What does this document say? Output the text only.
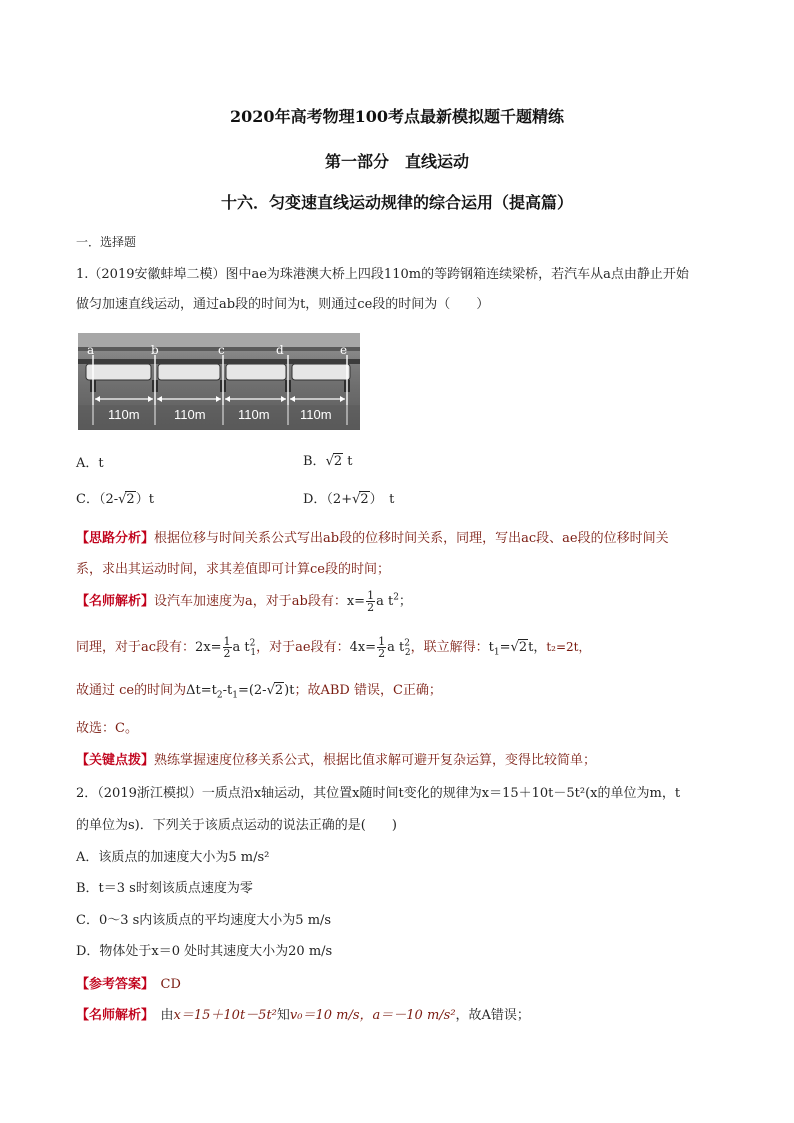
2020年高考物理100考点最新模拟题千题精练
第一部分　直线运动
十六．匀变速直线运动规律的综合运用（提高篇）
一．选择题
1.（2019安徽蚌埠二模）图中ae为珠港澳大桥上四段110m的等跨钢箱连续梁桥，若汽车从a点由静止开始
做匀加速直线运动，通过ab段的时间为t，则通过ce段的时间为（　　）
a	b	c	d	e
110m	110m 110m 110m
A．t	B．√2 t
C．（2-√2）t	D．（2+√2）　t
【思路分析】根据位移与时间关系公式写出ab段的位移时间关系，同理，写出ac段、ae段的位移时间关
系，求出其运动时间，求其差值即可计算ce段的时间；
【名师解析】设汽车加速度为a，对于ab段有：$x= \frac{1}{2}$ a $t^2$；
同理，对于ac段有：$2x= \frac{1}{2}$ a $t^2_1$，对于ae段有：$4x= \frac{1}{2}$ a $t^2_2$，联立解得：$t_1=√2t$，t₂=2t，
故通过 ce的时间为$\Delta t=t_2-t_1=(2-√2)t$；故ABD 错误，C正确；
故选：C。
【关键点拨】熟练掌握速度位移关系公式，根据比值求解可避开复杂运算，变得比较简单；
2．（2019浙江模拟）一质点沿x轴运动，其位置x随时间t变化的规律为x＝15＋10t－5t²(x的单位为m，t
的单位为s)．下列关于该质点运动的说法正确的是(　　)
A．该质点的加速度大小为5 m/s²
B．t＝3 s时刻该质点速度为零
C．0～3 s内该质点的平均速度大小为5 m/s
D．物体处于x＝0 处时其速度大小为20 m/s
【参考答案】　CD
【名师解析】　由x＝15＋10t－5t²知v₀＝10 m/s，a＝－10 m/s²，故A错误；
